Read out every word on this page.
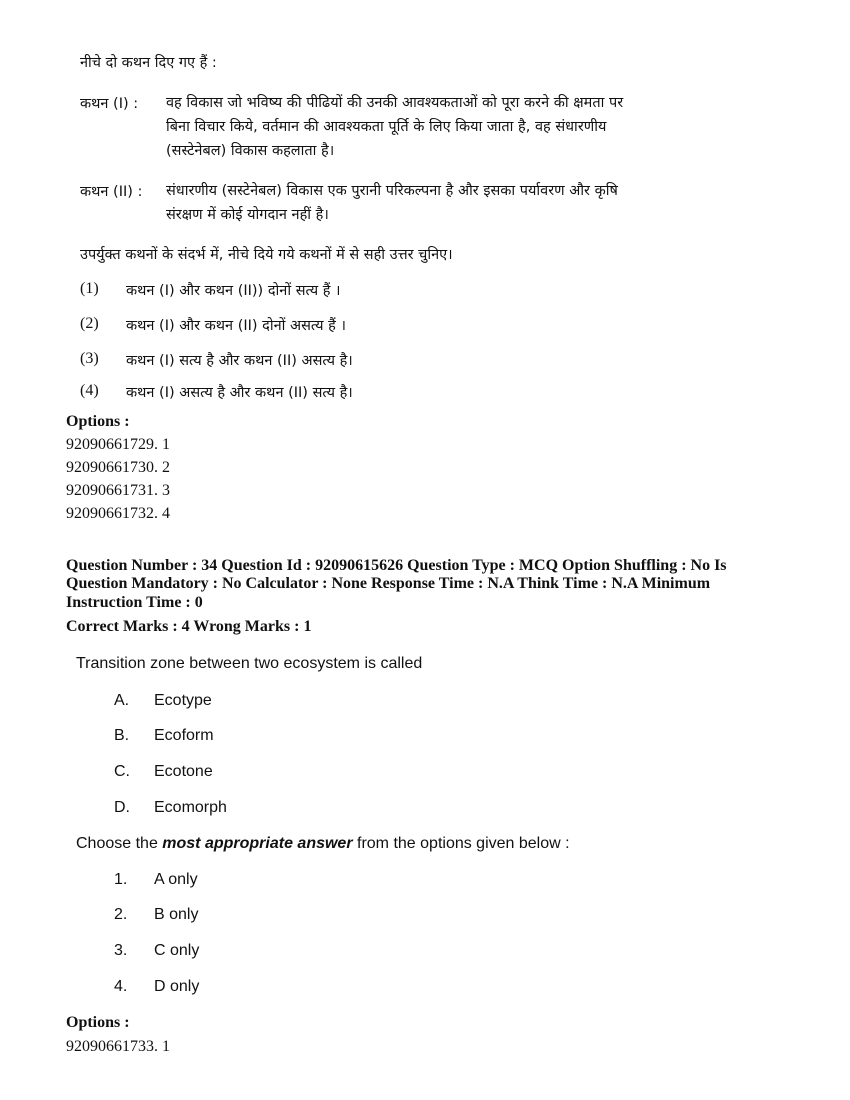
नीचे दो कथन दिए गए हैं :
कथन (I) : वह विकास जो भविष्य की पीढियों की उनकी आवश्यकताओं को पूरा करने की क्षमता पर
बिना विचार किये, वर्तमान की आवश्यकता पूर्ति के लिए किया जाता है, वह संधारणीय
(सस्टेनेबल) विकास कहलाता है।
कथन (II) : संधारणीय (सस्टेनेबल) विकास एक पुरानी परिकल्पना है और इसका पर्यावरण और कृषि
संरक्षण में कोई योगदान नहीं है।
उपर्युक्त कथनों के संदर्भ में, नीचे दिये गये कथनों में से सही उत्तर चुनिए।
(1) कथन (I) और कथन (II)) दोनों सत्य हैं ।
(2) कथन (I) और कथन (II) दोनों असत्य हैं ।
(3) कथन (I) सत्य है और कथन (II) असत्य है।
(4) कथन (I) असत्य है और कथन (II) सत्य है।
Options :
92090661729. 1
92090661730. 2
92090661731. 3
92090661732. 4
Question Number : 34 Question Id : 92090615626 Question Type : MCQ Option Shuffling : No Is
Question Mandatory : No Calculator : None Response Time : N.A Think Time : N.A Minimum
Instruction Time : 0
Correct Marks : 4 Wrong Marks : 1
Transition zone between two ecosystem is called
A. Ecotype
B. Ecoform
C. Ecotone
D. Ecomorph
Choose the most appropriate answer from the options given below :
1. A only
2. B only
3. C only
4. D only
Options :
92090661733. 1
